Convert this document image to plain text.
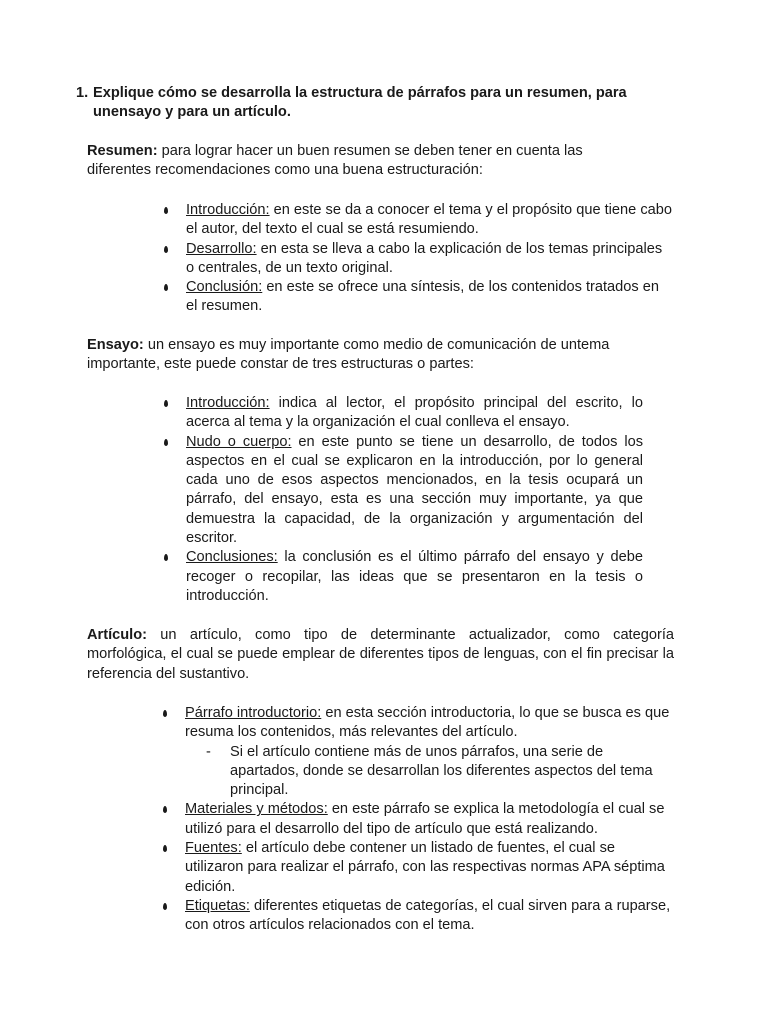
1. Explique cómo se desarrolla la estructura de párrafos para un resumen, para unensayo y para un artículo.

Resumen: para lograr hacer un buen resumen se deben tener en cuenta las diferentes recomendaciones como una buena estructuración:

Introducción: en este se da a conocer el tema y el propósito que tiene cabo el autor, del texto el cual se está resumiendo.
Desarrollo: en esta se lleva a cabo la explicación de los temas principales o centrales, de un texto original.
Conclusión: en este se ofrece una síntesis, de los contenidos tratados en el resumen.

Ensayo: un ensayo es muy importante como medio de comunicación de untema importante, este puede constar de tres estructuras o partes:

Introducción: indica al lector, el propósito principal del escrito, lo acerca al tema y la organización el cual conlleva el ensayo.
Nudo o cuerpo: en este punto se tiene un desarrollo, de todos los aspectos en el cual se explicaron en la introducción, por lo general cada uno de esos aspectos mencionados, en la tesis ocupará un párrafo, del ensayo, esta es una sección muy importante, ya que demuestra la capacidad, de la organización y argumentación del escritor.
Conclusiones: la conclusión es el último párrafo del ensayo y debe recoger o recopilar, las ideas que se presentaron en la tesis o introducción.

Artículo: un artículo, como tipo de determinante actualizador, como categoría morfológica, el cual se puede emplear de diferentes tipos de lenguas, con el fin precisar la referencia del sustantivo.

Párrafo introductorio: en esta sección introductoria, lo que se busca es que resuma los contenidos, más relevantes del artículo.
- Si el artículo contiene más de unos párrafos, una serie de apartados, donde se desarrollan los diferentes aspectos del tema principal.
Materiales y métodos: en este párrafo se explica la metodología el cual se utilizó para el desarrollo del tipo de artículo que está realizando.
Fuentes: el artículo debe contener un listado de fuentes, el cual se utilizaron para realizar el párrafo, con las respectivas normas APA séptima edición.
Etiquetas: diferentes etiquetas de categorías, el cual sirven para a ruparse, con otros artículos relacionados con el tema.
